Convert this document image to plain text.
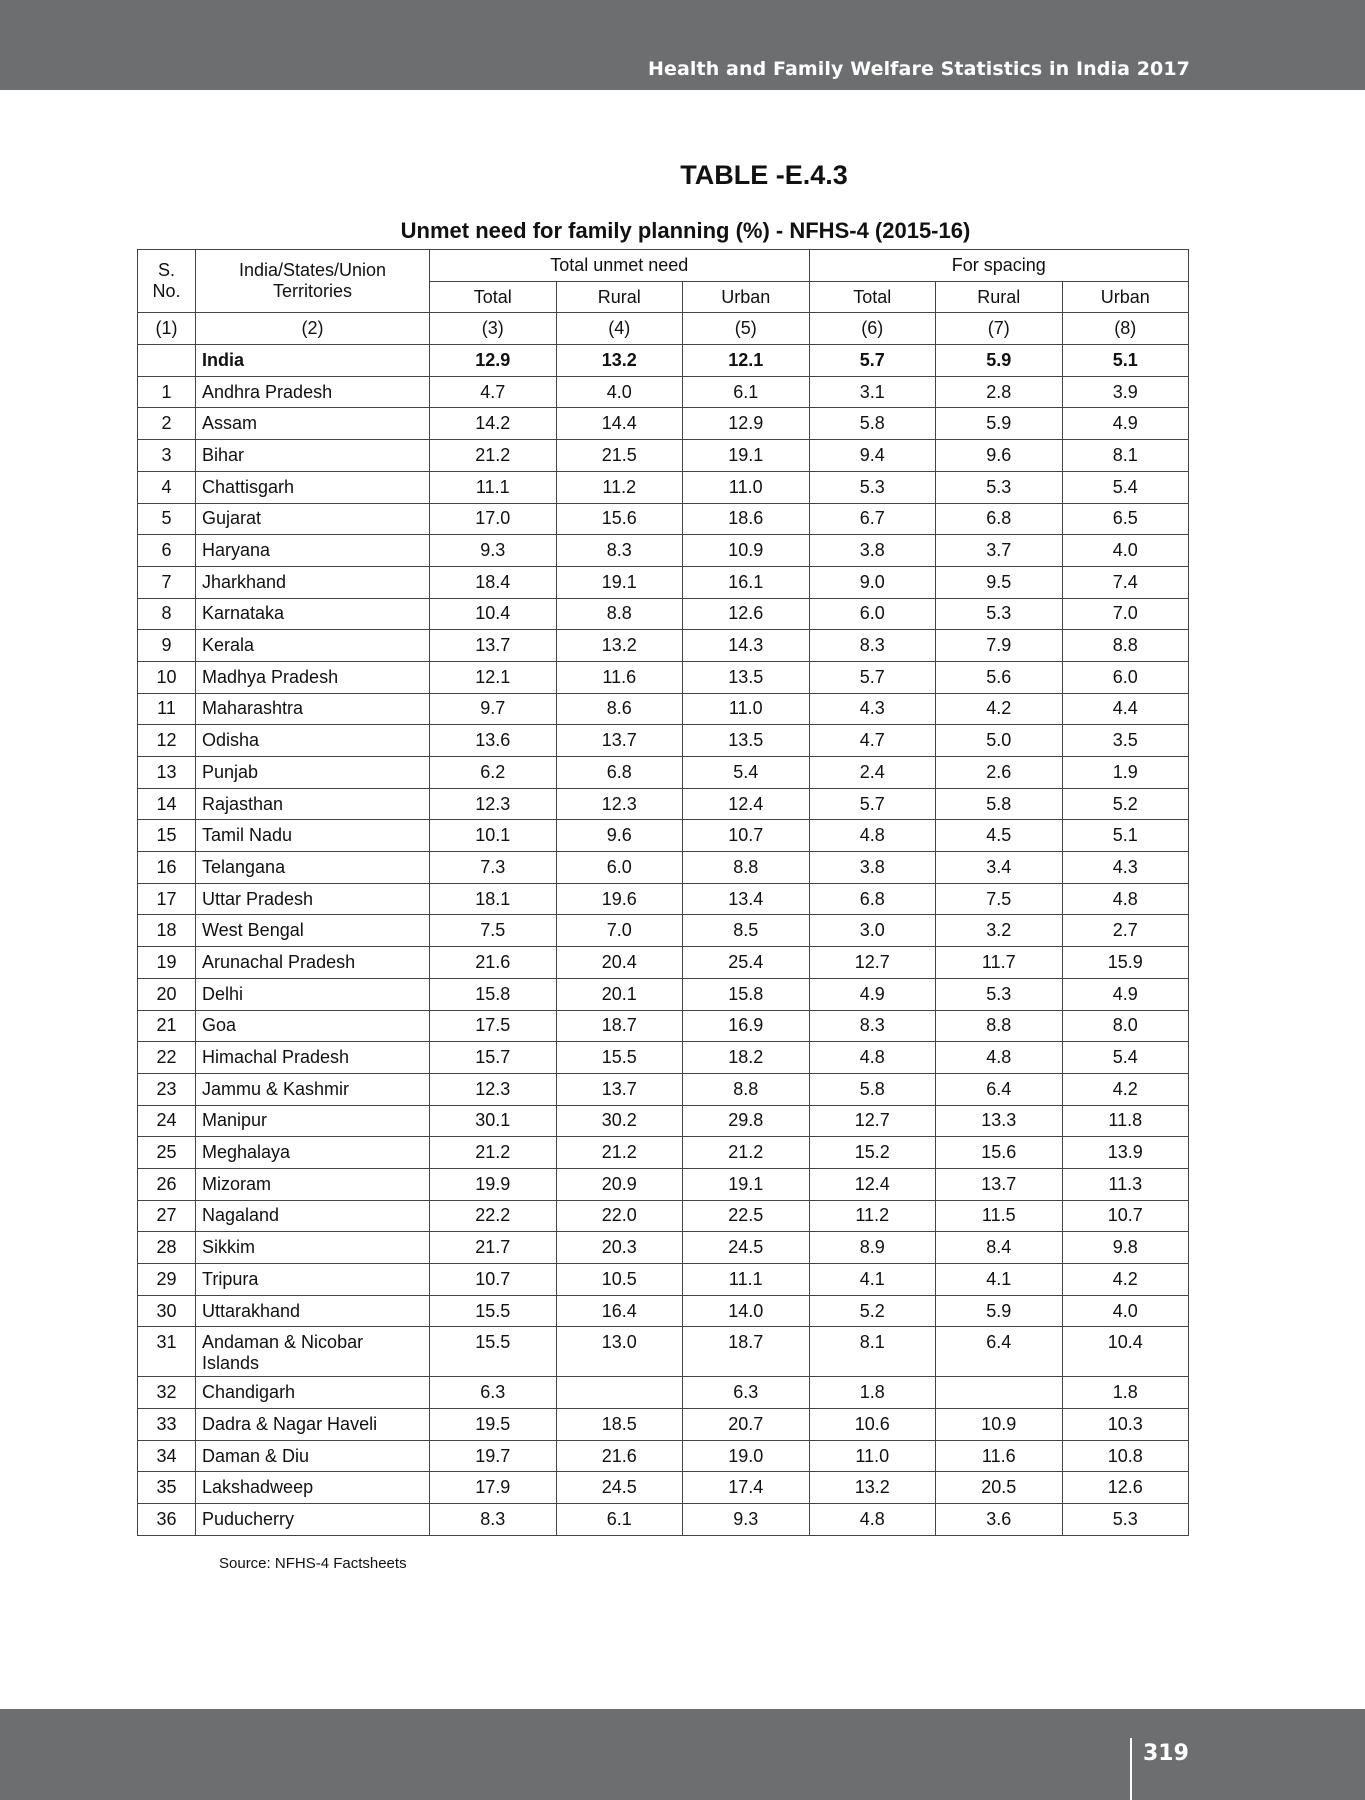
Health and Family Welfare Statistics in India 2017
TABLE -E.4.3
Unmet need for family planning (%) - NFHS-4 (2015-16)
S. No.	India/States/Union Territories	Total unmet need			For spacing		
		Total	Rural	Urban	Total	Rural	Urban
(1)	(2)	(3)	(4)	(5)	(6)	(7)	(8)
	India	12.9	13.2	12.1	5.7	5.9	5.1
1	Andhra Pradesh	4.7	4.0	6.1	3.1	2.8	3.9
2	Assam	14.2	14.4	12.9	5.8	5.9	4.9
3	Bihar	21.2	21.5	19.1	9.4	9.6	8.1
4	Chattisgarh	11.1	11.2	11.0	5.3	5.3	5.4
5	Gujarat	17.0	15.6	18.6	6.7	6.8	6.5
6	Haryana	9.3	8.3	10.9	3.8	3.7	4.0
7	Jharkhand	18.4	19.1	16.1	9.0	9.5	7.4
8	Karnataka	10.4	8.8	12.6	6.0	5.3	7.0
9	Kerala	13.7	13.2	14.3	8.3	7.9	8.8
10	Madhya Pradesh	12.1	11.6	13.5	5.7	5.6	6.0
11	Maharashtra	9.7	8.6	11.0	4.3	4.2	4.4
12	Odisha	13.6	13.7	13.5	4.7	5.0	3.5
13	Punjab	6.2	6.8	5.4	2.4	2.6	1.9
14	Rajasthan	12.3	12.3	12.4	5.7	5.8	5.2
15	Tamil Nadu	10.1	9.6	10.7	4.8	4.5	5.1
16	Telangana	7.3	6.0	8.8	3.8	3.4	4.3
17	Uttar Pradesh	18.1	19.6	13.4	6.8	7.5	4.8
18	West Bengal	7.5	7.0	8.5	3.0	3.2	2.7
19	Arunachal Pradesh	21.6	20.4	25.4	12.7	11.7	15.9
20	Delhi	15.8	20.1	15.8	4.9	5.3	4.9
21	Goa	17.5	18.7	16.9	8.3	8.8	8.0
22	Himachal Pradesh	15.7	15.5	18.2	4.8	4.8	5.4
23	Jammu & Kashmir	12.3	13.7	8.8	5.8	6.4	4.2
24	Manipur	30.1	30.2	29.8	12.7	13.3	11.8
25	Meghalaya	21.2	21.2	21.2	15.2	15.6	13.9
26	Mizoram	19.9	20.9	19.1	12.4	13.7	11.3
27	Nagaland	22.2	22.0	22.5	11.2	11.5	10.7
28	Sikkim	21.7	20.3	24.5	8.9	8.4	9.8
29	Tripura	10.7	10.5	11.1	4.1	4.1	4.2
30	Uttarakhand	15.5	16.4	14.0	5.2	5.9	4.0
31	Andaman & Nicobar Islands	15.5	13.0	18.7	8.1	6.4	10.4
32	Chandigarh	6.3		6.3	1.8		1.8
33	Dadra & Nagar Haveli	19.5	18.5	20.7	10.6	10.9	10.3
34	Daman & Diu	19.7	21.6	19.0	11.0	11.6	10.8
35	Lakshadweep	17.9	24.5	17.4	13.2	20.5	12.6
36	Puducherry	8.3	6.1	9.3	4.8	3.6	5.3
Source: NFHS-4 Factsheets
319
